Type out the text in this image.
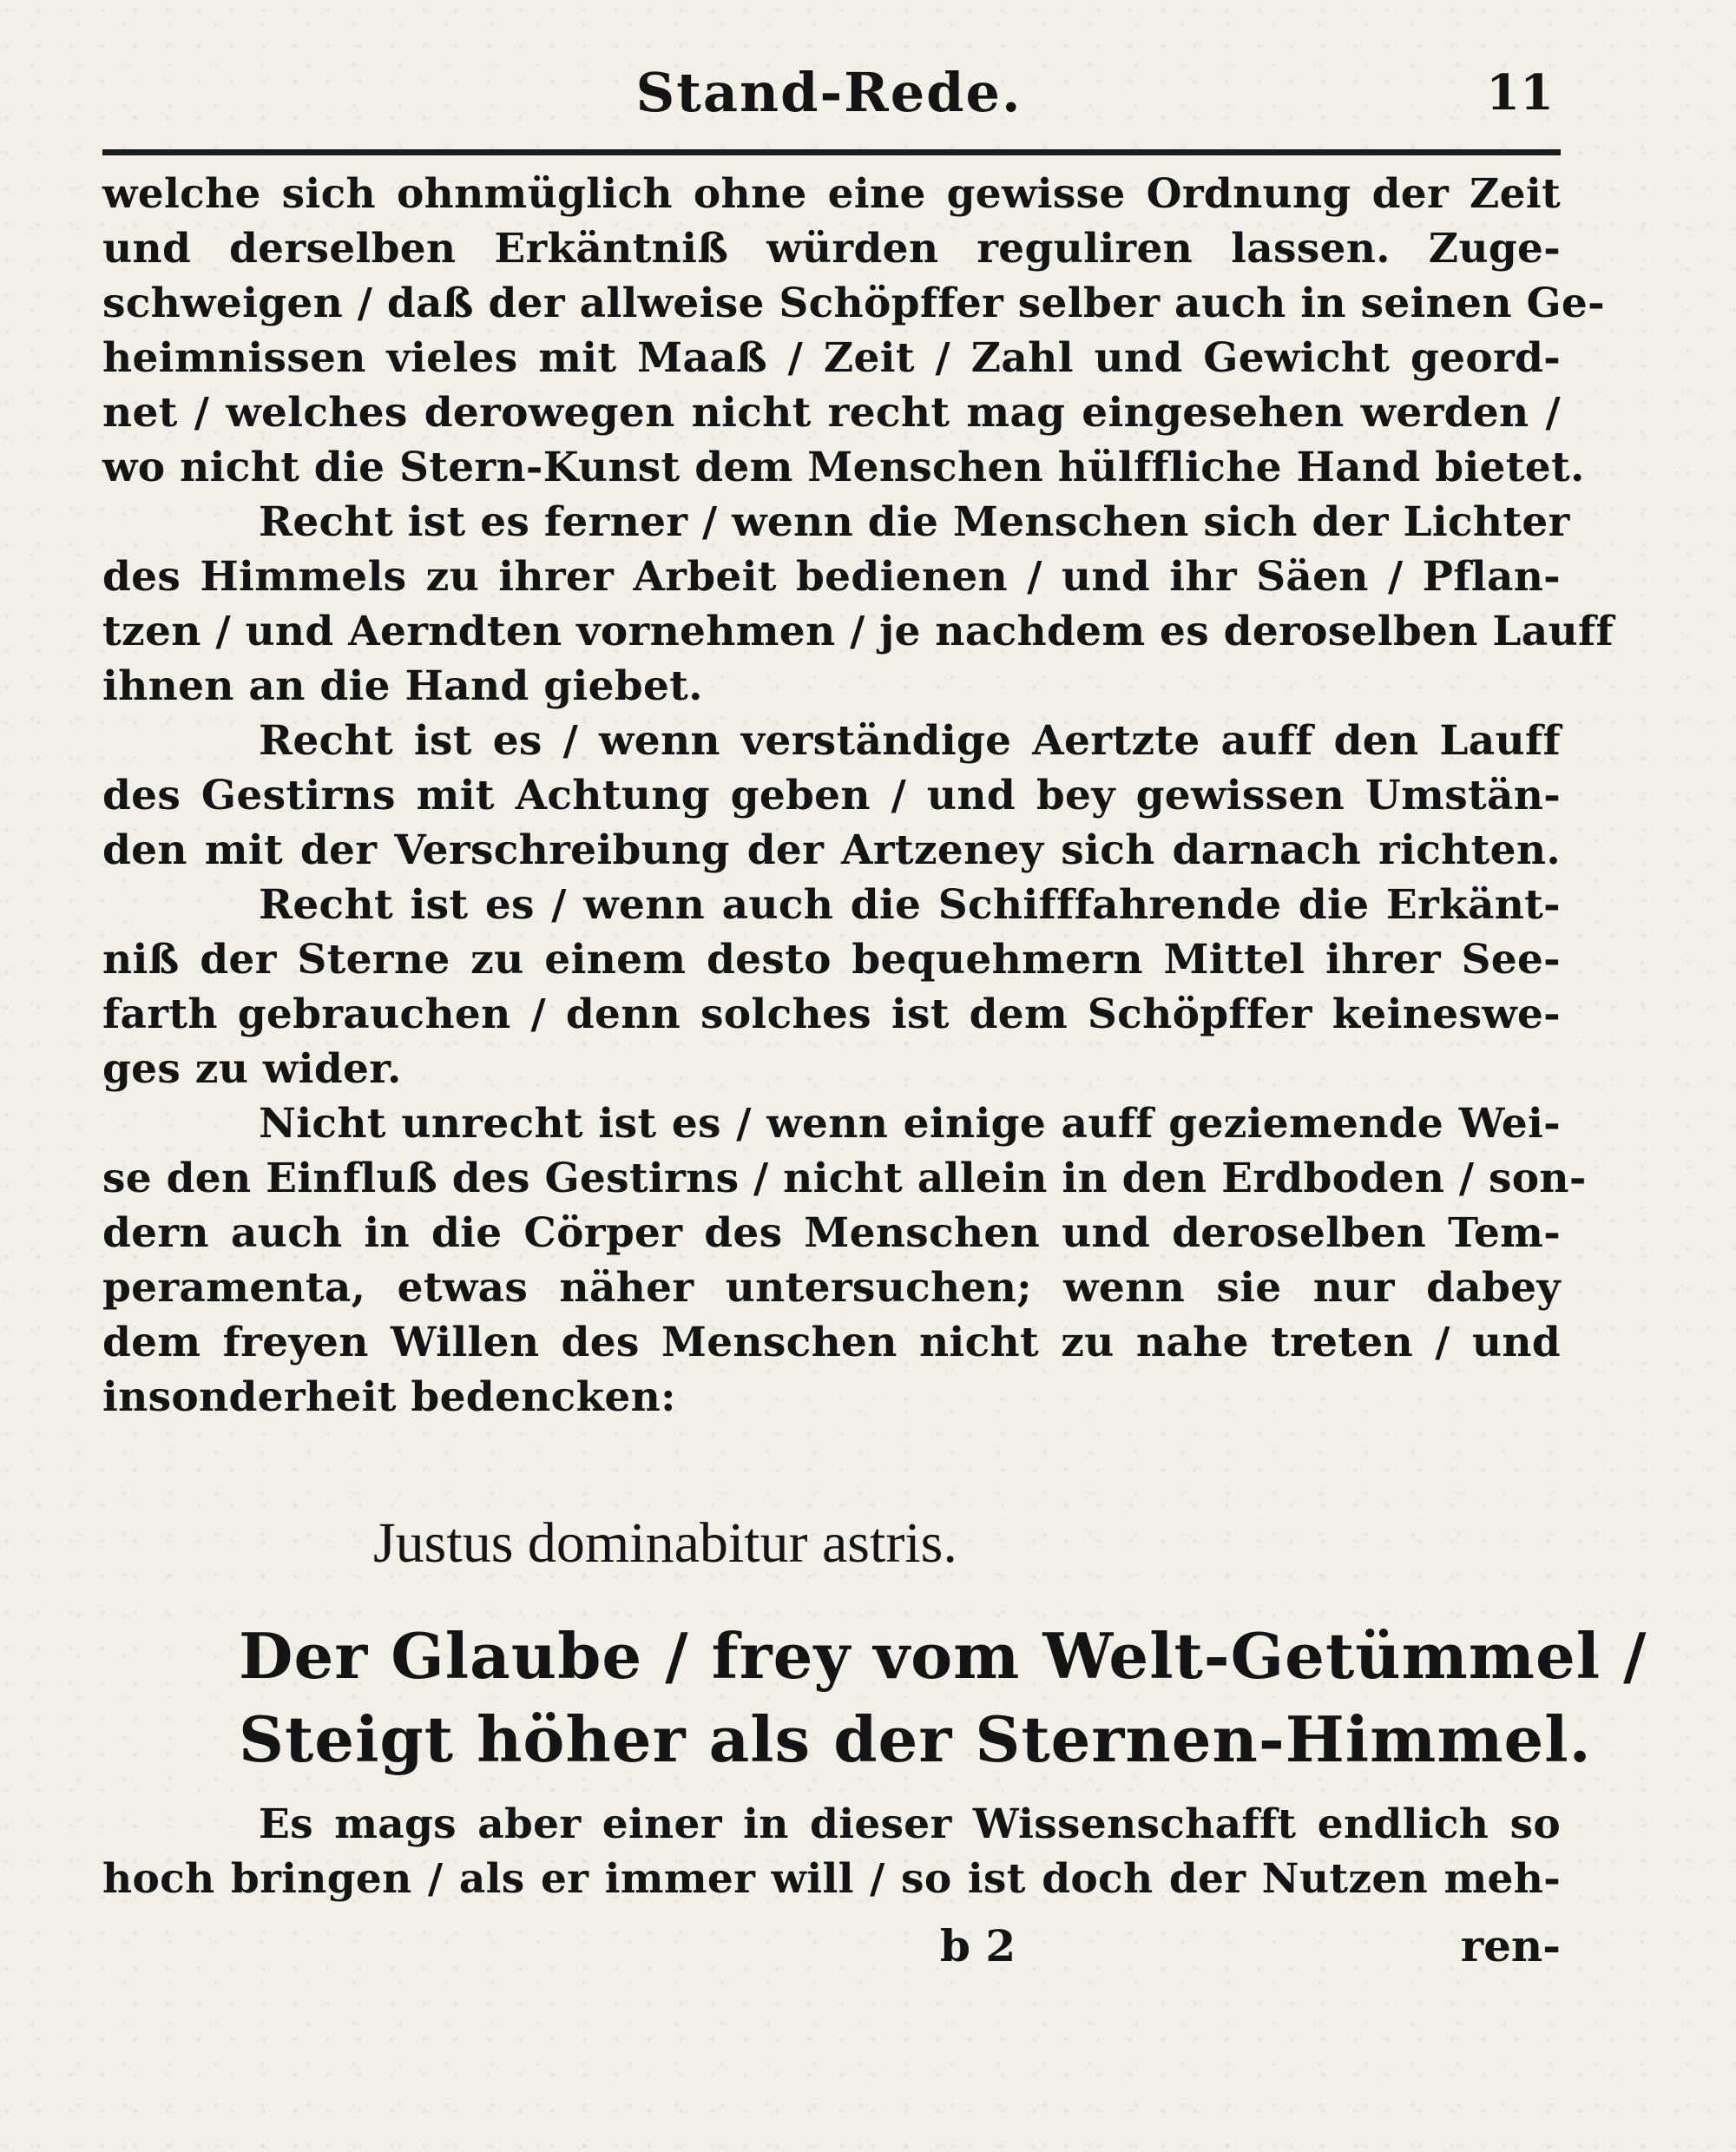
Stand-Rede.	11
welche sich ohnmüglich ohne eine gewisse Ordnung der Zeit
und derselben Erkäntniß würden reguliren lassen. Zuge-
schweigen / daß der allweise Schöpffer selber auch in seinen Ge-
heimnissen vieles mit Maaß / Zeit / Zahl und Gewicht geord-
net / welches derowegen nicht recht mag eingesehen werden /
wo nicht die Stern-Kunst dem Menschen hülffliche Hand bietet.
Recht ist es ferner / wenn die Menschen sich der Lichter
des Himmels zu ihrer Arbeit bedienen / und ihr Säen / Pflan-
tzen / und Aerndten vornehmen / je nachdem es deroselben Lauff
ihnen an die Hand giebet.
Recht ist es / wenn verständige Aertzte auff den Lauff
des Gestirns mit Achtung geben / und bey gewissen Umstän-
den mit der Verschreibung der Artzeney sich darnach richten.
Recht ist es / wenn auch die Schifffahrende die Erkänt-
niß der Sterne zu einem desto bequehmern Mittel ihrer See-
farth gebrauchen / denn solches ist dem Schöpffer keineswe-
ges zu wider.
Nicht unrecht ist es / wenn einige auff geziemende Wei-
se den Einfluß des Gestirns / nicht allein in den Erdboden / son-
dern auch in die Cörper des Menschen und deroselben Tem-
peramenta, etwas näher untersuchen; wenn sie nur dabey
dem freyen Willen des Menschen nicht zu nahe treten / und
insonderheit bedencken:
Justus dominabitur astris.
Der Glaube / frey vom Welt-Getümmel /
Steigt höher als der Sternen-Himmel.
Es mags aber einer in dieser Wissenschafft endlich so
hoch bringen / als er immer will / so ist doch der Nutzen meh-
b 2	ren-
